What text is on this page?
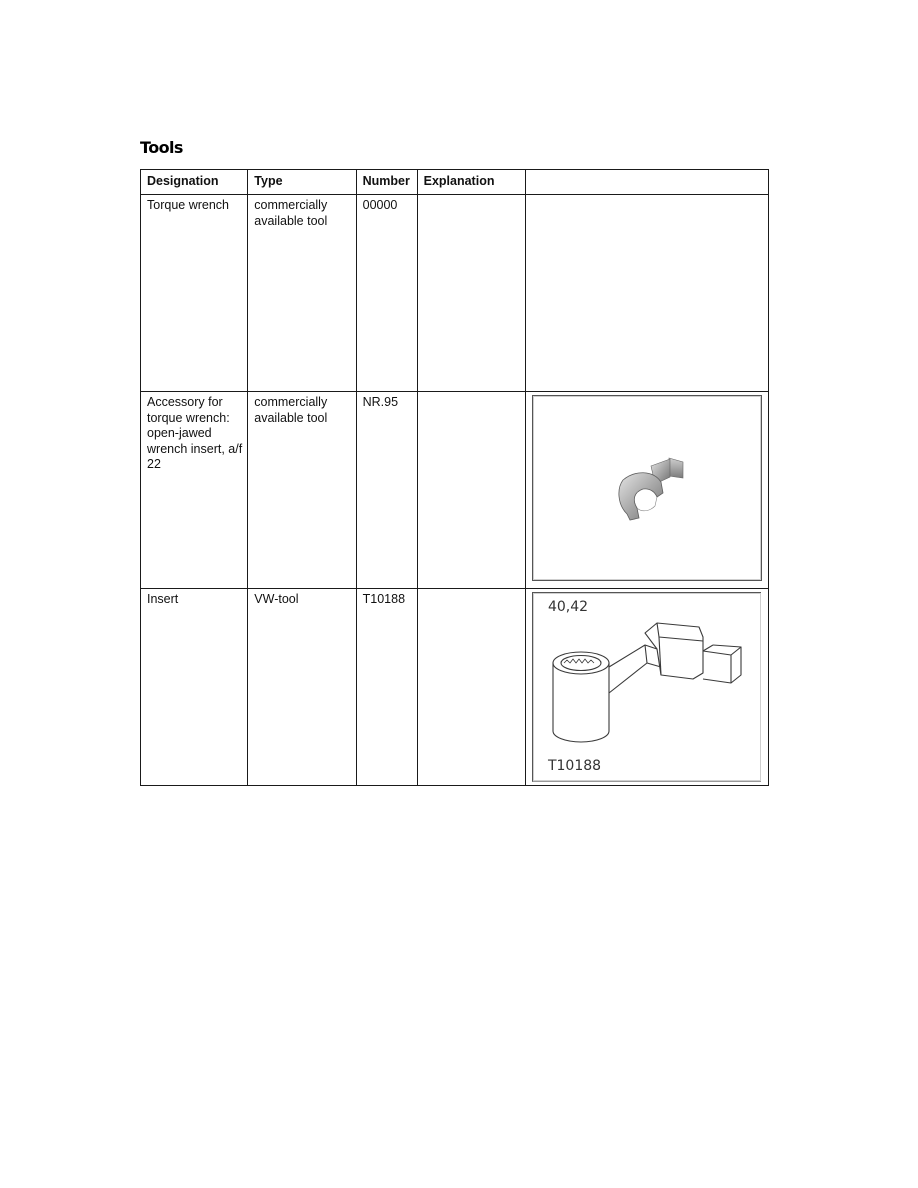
Tools
Designation	Type	Number	Explanation	
Torque wrench	commercially available tool	00000		
Accessory for torque wrench: open-jawed wrench insert, a/f 22	commercially available tool	NR.95		

Insert	VW-tool	T10188		40,42
T10188
